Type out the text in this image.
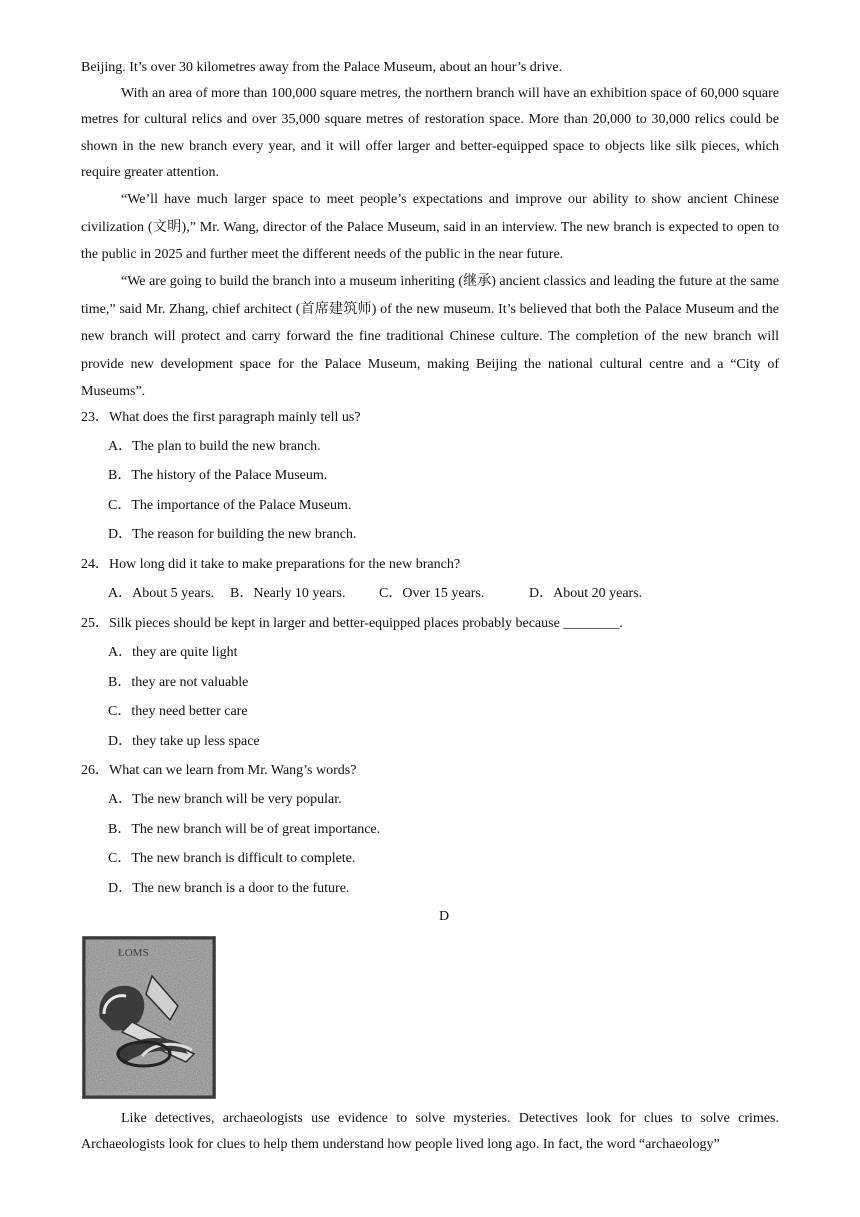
Beijing. It’s over 30 kilometres away from the Palace Museum, about an hour’s drive.

With an area of more than 100,000 square metres, the northern branch will have an exhibition space of 60,000 square metres for cultural relics and over 35,000 square metres of restoration space. More than 20,000 to 30,000 relics could be shown in the new branch every year, and it will offer larger and better-equipped space to objects like silk pieces, which require greater attention.

“We’ll have much larger space to meet people’s expectations and improve our ability to show ancient Chinese civilization (文明),” Mr. Wang, director of the Palace Museum, said in an interview. The new branch is expected to open to the public in 2025 and further meet the different needs of the public in the near future.

“We are going to build the branch into a museum inheriting (继承) ancient classics and leading the future at the same time,” said Mr. Zhang, chief architect (首席建筑师) of the new museum. It’s believed that both the Palace Museum and the new branch will protect and carry forward the fine traditional Chinese culture. The completion of the new branch will provide new development space for the Palace Museum, making Beijing the national cultural centre and a “City of Museums”.

23．What does the first paragraph mainly tell us?

A．The plan to build the new branch.

B．The history of the Palace Museum.

C．The importance of the Palace Museum.

D．The reason for building the new branch.

24．How long did it take to make preparations for the new branch?

A．About 5 years. B．Nearly 10 years. C．Over 15 years.	D．About 20 years.

25．Silk pieces should be kept in larger and better-equipped places probably because ________.

A．they are quite light

B．they are not valuable

C．they need better care

D．they take up less space

26．What can we learn from Mr. Wang’s words?

A．The new branch will be very popular.

B．The new branch will be of great importance.

C．The new branch is difficult to complete.

D．The new branch is a door to the future.

D
ŁOMS

Like detectives, archaeologists use evidence to solve mysteries. Detectives look for clues to solve crimes. Archaeologists look for clues to help them understand how people lived long ago. In fact, the word “archaeology”
